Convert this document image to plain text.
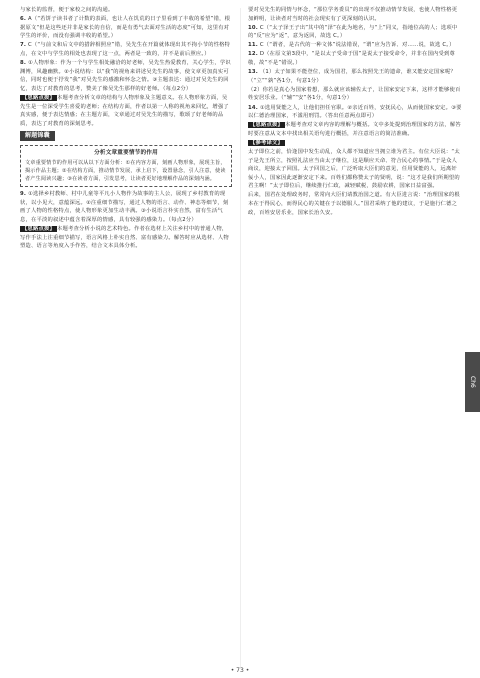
与家长的监督，便于家校之间的沟通。

6. A（“若饼子读书者了计数的表面，也让人在饥荒的日子里看到了丰收的希望”错，根据原文“但是这些还并非是家长的自信，而是有勇气去面对生活的态度”可知，这里有对学生的评价，而没有强调丰收的希望。）

7. C（“与前文和后文中的措辞相照应”错，吴先生在开篇就体现出其不拘小节的性格特点，在文中与学生的相处也表现了这一点，两者是一致的，并不是前后照应。）

8. ①人物形象：作为一个与学生相处融洽的好老师，吴先生热爱教育，关心学生，学识渊博，风趣幽默。②小说结构：以“我”的视角来讲述吴先生的故事，使文章更加真实可信，同时也便于抒发“我”对吴先生的感激和怀念之情。③主题表达：通过对吴先生的回忆，表达了对教育的思考，赞美了像吴先生那样的好老师。（每点2分）

【思路点拨】 本题考查分析文章的结构与人物形象及主题意义。在人物形象方面，吴先生是一位深受学生喜爱的老师；在结构方面，作者以第一人称的视角来回忆，增强了真实感，便于表达情感；在主题方面，文章通过对吴先生的描写，歌颂了好老师的品质，表达了对教育的深刻思考。

解题锦囊
分析文章重要情节的作用
文章重要情节的作用可以从以下方面分析：①在内容方面，刻画人物形象，展现主旨，揭示作品主题；②在结构方面，推动情节发展，承上启下，设置悬念，引人注意，使读者产生阅读兴趣；③在读者方面，引发思考，让读者更好地理解作品的深刻内涵。

9. ①选择乡村教师、村中儿童等平凡小人物作为故事的主人公，展现了乡村教育的现状，以小见大，意蕴深远。②注重细节描写，通过人物的语言、动作、神态等细节，刻画了人物的性格特点，使人物形象更加生动丰满。③小说语言朴实自然，富有生活气息，在平淡的叙述中蕴含着深厚的情感，具有较强的感染力。（每点2分）

【思路点拨】 本题考查分析小说的艺术特色。作者在选材上关注乡村中的普通人物，写作手法上注重细节描写，语言风格上朴实自然、富有感染力。解答时应从选材、人物塑造、语言等角度入手作答，结合文本具体分析。

要对吴先生的同情与怀念，“那位学务委员”的出现不仅推动情节发展，也使人物性格更加鲜明，让读者对当时的社会现实有了更深刻的认识。

10. C（“太子泽王子出”其中的“泽”在此为地名，与“上”同义，指地位高的人；选项中的“反”应为“返”，意为返回，故选 C。）

11. C（“谓者，是古代的一种文体”说法错误，“谓”应为告诉、对……说，故选 C。）

12. D（在原文第3段中，“是以太子受命于国”是说太子接受命令，并非在国内受到尊敬，故“不是”错误。）

13. （1）太子如果不能登位，成为国君，那么按照先王的遗命，谁又能安定国家呢？（“立”“孰”各1分，句意1分）

（2）你若是真心为国家着想，那么就应该辅佐太子，让国家安定下来，这样才能够使百姓安居乐业。（“辅”“安”各1分，句意1分）

14. ①选用贤能之人，让他们担任官职。②亲近百姓，安抚民心，从而使国家安定。③要以仁德治理国家，不滥用刑罚。（答出任意两点即可）

【思路点拨】 本题考查对文章内容的理解与概括。文中多处提到治理国家的方法，解答时要注意从文本中找出相关语句进行概括，并注意语言的简洁准确。

【参考译文】

太子即位之前，恰逢国中发生动乱，众人都不知道应当拥立谁为君主。有位大臣说：“太子是先王所立，按照礼法应当由太子继位，这是顺应天命、符合民心的事情。”于是众人商议，迎接太子回国。太子回国之后，广泛听取大臣们的意见，任用贤能的人，远离奸佞小人，国家因此逐渐安定下来。百姓们都称赞太子的贤明，说：“这才是我们所期望的君主啊！”太子即位后，继续推行仁政，减轻赋税，鼓励农耕，国家日益富强。

后来，国君在处理政务时，常常向大臣们请教治国之道。有大臣进言说：“治理国家的根本在于得民心，而得民心的关键在于以德服人。”国君采纳了他的建议，于是施行仁德之政，百姓安居乐业，国家长治久安。

Ch6
• 73 •
